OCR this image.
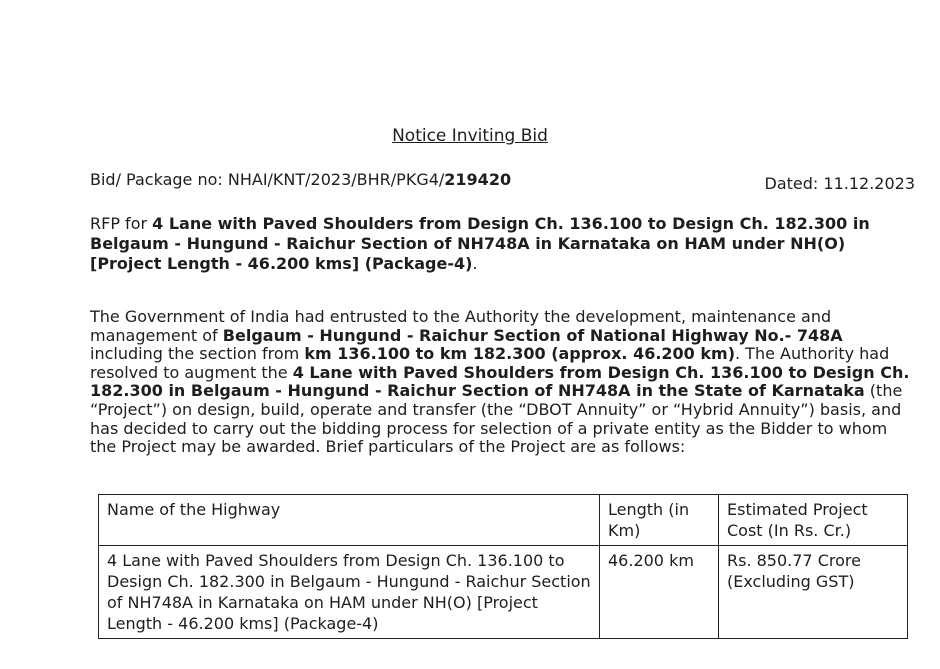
Notice Inviting Bid
Bid/ Package no: NHAI/KNT/2023/BHR/PKG4/219420	Dated: 11.12.2023
RFP for 4 Lane with Paved Shoulders from Design Ch. 136.100 to Design Ch. 182.300 in Belgaum - Hungund - Raichur Section of NH748A in Karnataka on HAM under NH(O) [Project Length - 46.200 kms] (Package-4).
The Government of India had entrusted to the Authority the development, maintenance and management of Belgaum - Hungund - Raichur Section of National Highway No.- 748A including the section from km 136.100 to km 182.300 (approx. 46.200 km). The Authority had resolved to augment the 4 Lane with Paved Shoulders from Design Ch. 136.100 to Design Ch. 182.300 in Belgaum - Hungund - Raichur Section of NH748A in the State of Karnataka (the “Project”) on design, build, operate and transfer (the “DBOT Annuity” or “Hybrid Annuity”) basis, and has decided to carry out the bidding process for selection of a private entity as the Bidder to whom the Project may be awarded. Brief particulars of the Project are as follows:
Name of the Highway	Length (in Km)	Estimated Project Cost (In Rs. Cr.)
4 Lane with Paved Shoulders from Design Ch. 136.100 to Design Ch. 182.300 in Belgaum - Hungund - Raichur Section of NH748A in Karnataka on HAM under NH(O) [Project Length - 46.200 kms] (Package-4)	46.200 km	Rs. 850.77 Crore (Excluding GST)
